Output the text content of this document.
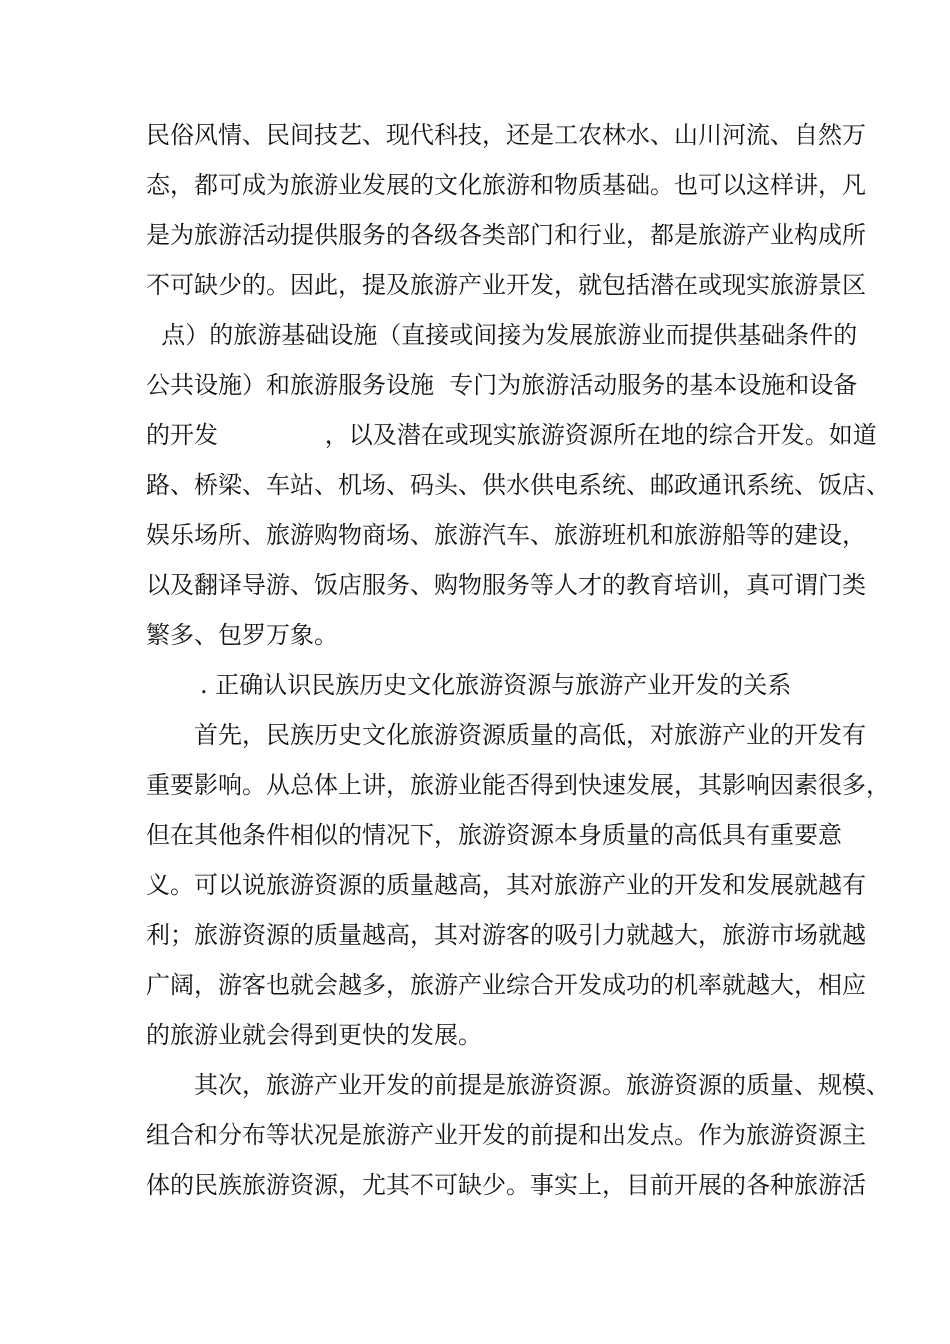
民俗风情、民间技艺、现代科技，还是工农林水、山川河流、自然万
态，都可成为旅游业发展的文化旅游和物质基础。也可以这样讲，凡
是为旅游活动提供服务的各级各类部门和行业，都是旅游产业构成所
不可缺少的。因此，提及旅游产业开发，就包括潜在或现实旅游景区
点）的旅游基础设施（直接或间接为发展旅游业而提供基础条件的
公共设施）和旅游服务设施  专门为旅游活动服务的基本设施和设备
的开发              ，以及潜在或现实旅游资源所在地的综合开发。如道
路、桥梁、车站、机场、码头、供水供电系统、邮政通讯系统、饭店、
娱乐场所、旅游购物商场、旅游汽车、旅游班机和旅游船等的建设，
以及翻译导游、饭店服务、购物服务等人才的教育培训，真可谓门类
繁多、包罗万象。
. 正确认识民族历史文化旅游资源与旅游产业开发的关系
首先，民族历史文化旅游资源质量的高低，对旅游产业的开发有
重要影响。从总体上讲，旅游业能否得到快速发展，其影响因素很多，
但在其他条件相似的情况下，旅游资源本身质量的高低具有重要意
义。可以说旅游资源的质量越高，其对旅游产业的开发和发展就越有
利；旅游资源的质量越高，其对游客的吸引力就越大，旅游市场就越
广阔，游客也就会越多，旅游产业综合开发成功的机率就越大，相应
的旅游业就会得到更快的发展。
其次，旅游产业开发的前提是旅游资源。旅游资源的质量、规模、
组合和分布等状况是旅游产业开发的前提和出发点。作为旅游资源主
体的民族旅游资源，尤其不可缺少。事实上，目前开展的各种旅游活
